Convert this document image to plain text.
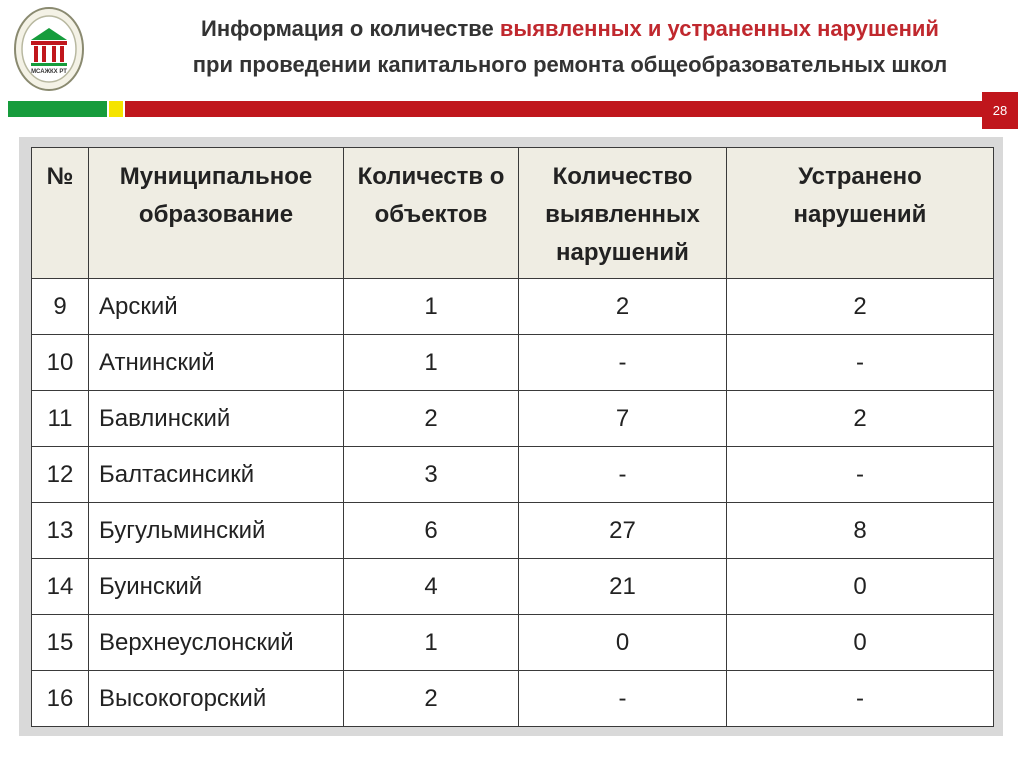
МСАЖКХ РТ
Информация о количестве выявленных и устраненных нарушений
при проведении капитального ремонта общеобразовательных школ
28
№	Муниципальное образование	Количеств о объектов	Количество выявленных нарушений	Устранено нарушений
9	Арский	1	2	2
10	Атнинский	1	-	-
11	Бавлинский	2	7	2
12	Балтасинсикй	3	-	-
13	Бугульминский	6	27	8
14	Буинский	4	21	0
15	Верхнеуслонский	1	0	0
16	Высокогорский	2	-	-
